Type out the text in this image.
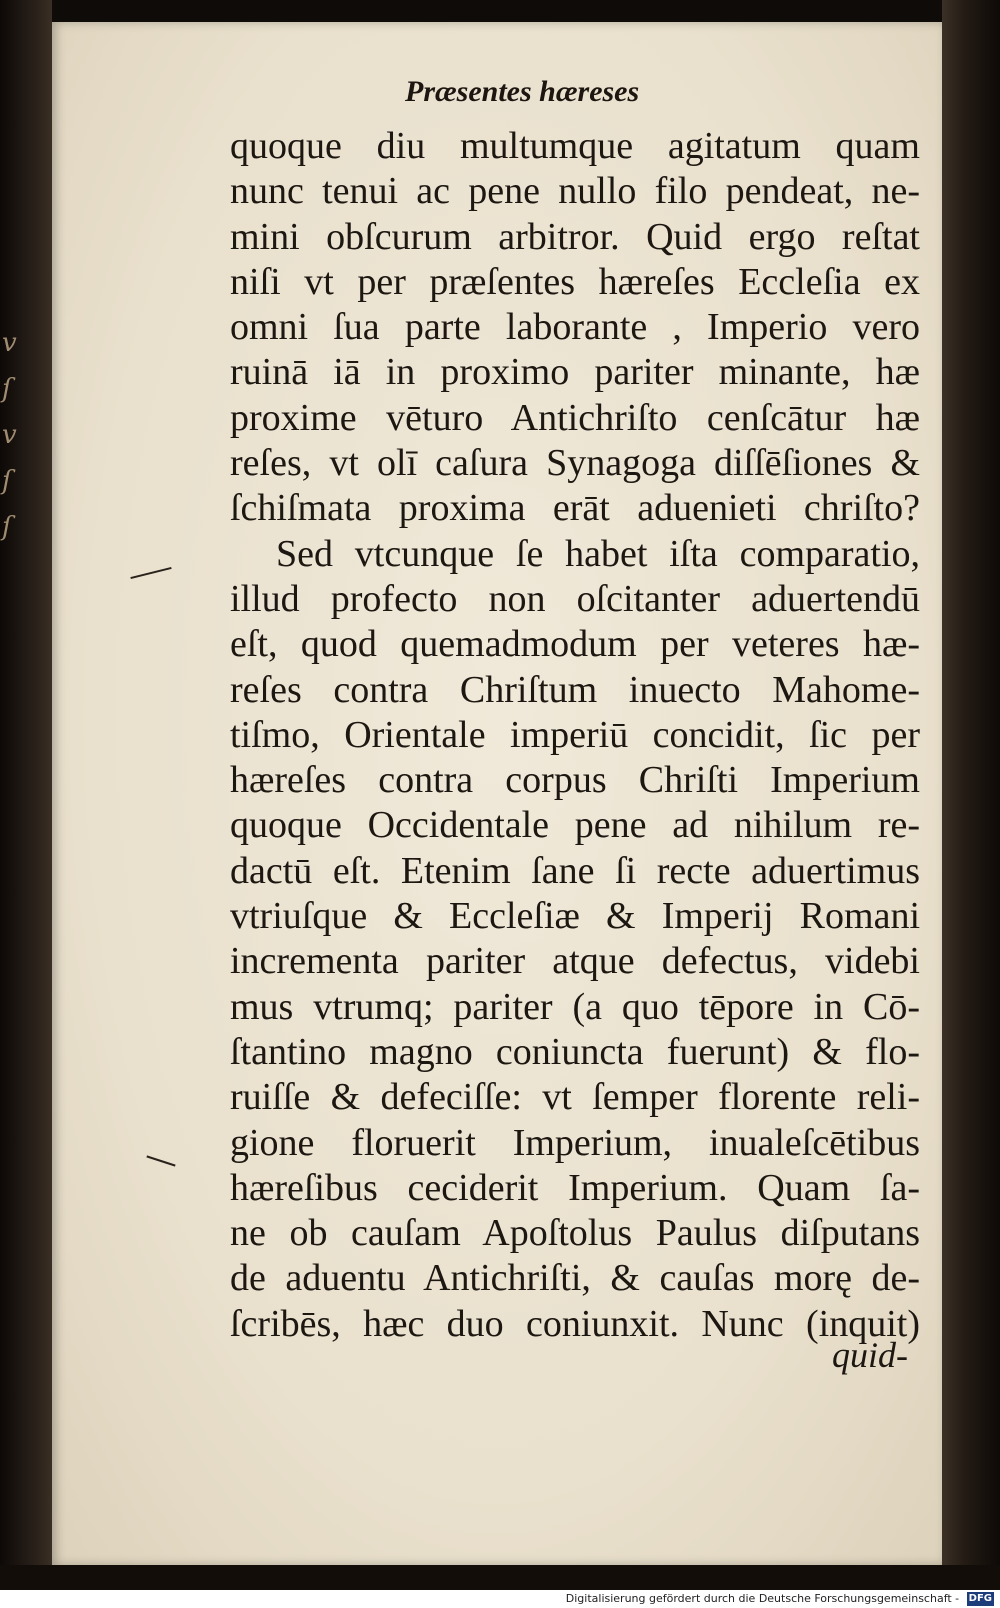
v
ſ
v
ſ
ſ
Præsentes hæreses
quoque diu multumque agitatum quam
nunc tenui ac pene nullo filo pendeat, ne-
mini obſcurum arbitror. Quid ergo reſtat
niſi vt per præſentes hæreſes Eccleſia ex
omni ſua parte laborante , Imperio vero
ruinā iā in proximo pariter minante, hæ
proxime vēturo Antichriſto cenſcātur hæ
reſes, vt olī caſura Synagoga diſſēſiones &
ſchiſmata proxima erāt aduenieti chriſto?
Sed vtcunque ſe habet iſta comparatio,
illud profecto non oſcitanter aduertendū
eſt, quod quemadmodum per veteres hæ-
reſes contra Chriſtum inuecto Mahome-
tiſmo, Orientale imperiū concidit, ſic per
hæreſes contra corpus Chriſti Imperium
quoque Occidentale pene ad nihilum re-
dactū eſt. Etenim ſane ſi recte aduertimus
vtriuſque & Eccleſiæ & Imperij Romani
incrementa pariter atque defectus, videbi
mus vtrumq; pariter (a quo tēpore in Cō-
ſtantino magno coniuncta fuerunt) & flo-
ruiſſe & defeciſſe: vt ſemper florente reli-
gione floruerit Imperium, inualeſcētibus
hæreſibus ceciderit Imperium. Quam ſa-
ne ob cauſam Apoſtolus Paulus diſputans
de aduentu Antichriſti, & cauſas morę de-
ſcribēs, hæc duo coniunxit. Nunc (inquit)
quid-
Digitalisierung gefördert durch die Deutsche Forschungsgemeinschaft - DFG
